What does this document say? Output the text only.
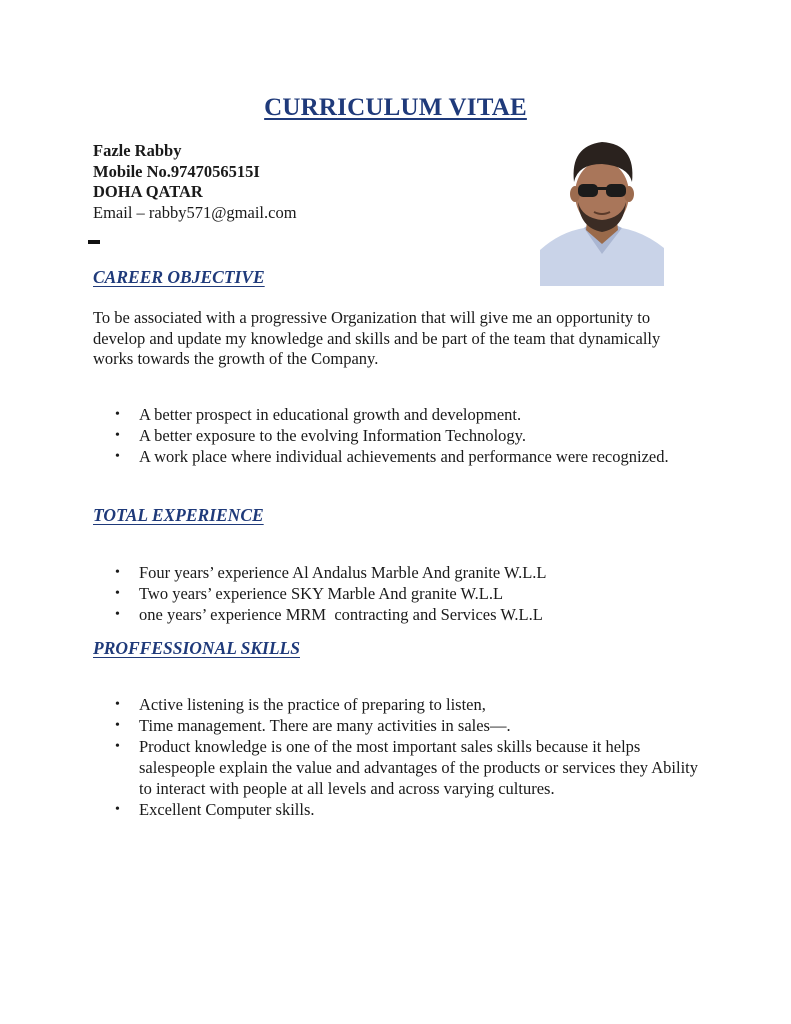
CURRICULUM VITAE
Fazle Rabby
Mobile No.9747056515I
DOHA QATAR
Email – rabby571@gmail.com
CAREER OBJECTIVE

To be associated with a progressive Organization that will give me an opportunity to develop and update my knowledge and skills and be part of the team that dynamically works towards the growth of the Company.

• A better prospect in educational growth and development.
• A better exposure to the evolving Information Technology.
• A work place where individual achievements and performance were recognized.
TOTAL EXPERIENCE
• Four years’ experience Al Andalus Marble And granite W.L.L
• Two years’ experience SKY Marble And granite W.L.L
• one years’ experience MRM  contracting and Services W.L.L
PROFFESSIONAL SKILLS
• Active listening is the practice of preparing to listen,
• Time management. There are many activities in sales—.
• Product knowledge is one of the most important sales skills because it helps salespeople explain the value and advantages of the products or services they Ability to interact with people at all levels and across varying cultures.
• Excellent Computer skills.
